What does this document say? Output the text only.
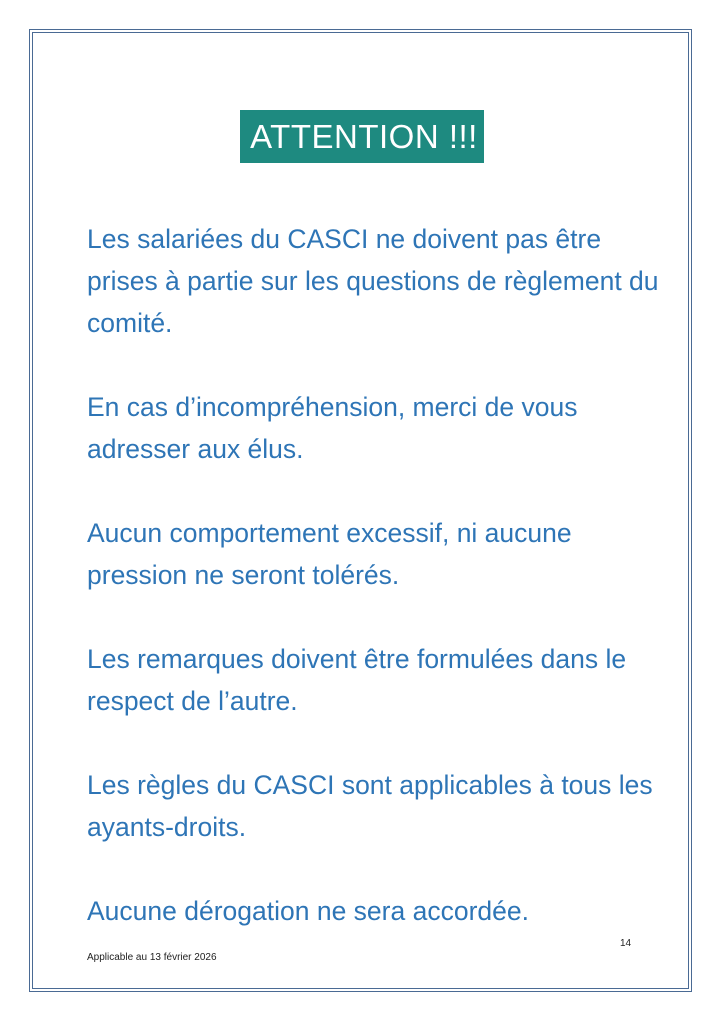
ATTENTION !!!

Les salariées du CASCI ne doivent pas être prises à partie sur les questions de règlement du comité.

En cas d’incompréhension, merci de vous adresser aux élus.

Aucun comportement excessif, ni aucune pression ne seront tolérés.

Les remarques doivent être formulées dans le respect de l’autre.

Les règles du CASCI sont applicables à tous les ayants-droits.

Aucune dérogation ne sera accordée.

14
Applicable au 13 février 2026
